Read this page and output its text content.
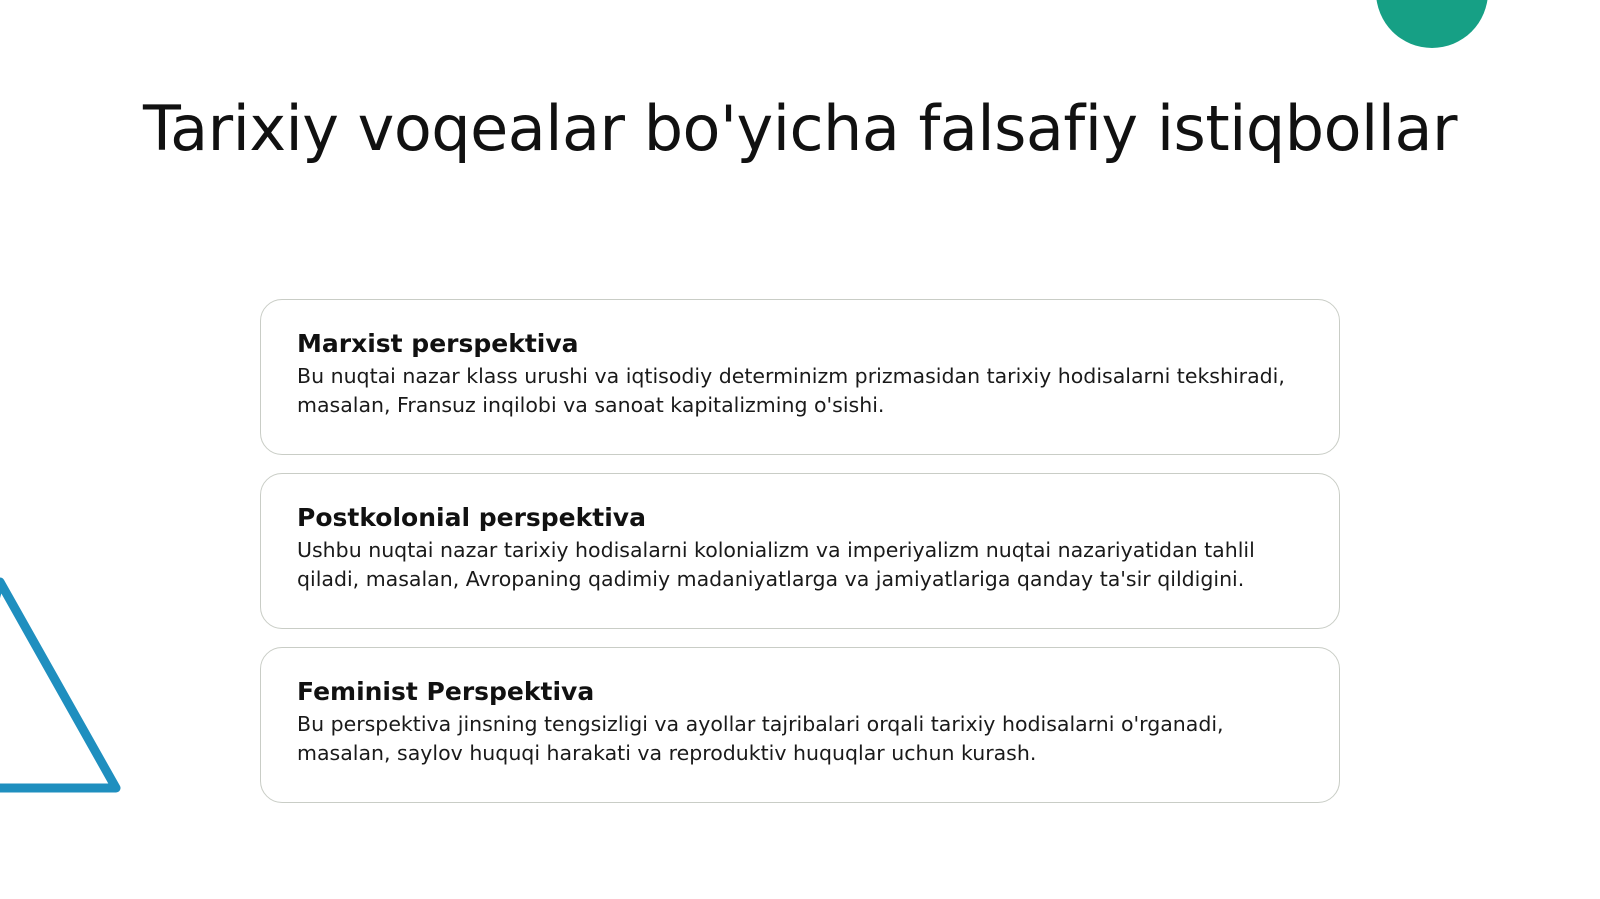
Tarixiy voqealar bo'yicha falsafiy istiqbollar
Marxist perspektiva

Bu nuqtai nazar klass urushi va iqtisodiy determinizm prizmasidan tarixiy hodisalarni tekshiradi, masalan, Fransuz inqilobi va sanoat kapitalizming o'sishi.

Postkolonial perspektiva

Ushbu nuqtai nazar tarixiy hodisalarni kolonializm va imperiyalizm nuqtai nazariyatidan tahlil qiladi, masalan, Avropaning qadimiy madaniyatlarga va jamiyatlariga qanday ta'sir qildigini.

Feminist Perspektiva

Bu perspektiva jinsning tengsizligi va ayollar tajribalari orqali tarixiy hodisalarni o'rganadi, masalan, saylov huquqi harakati va reproduktiv huquqlar uchun kurash.
